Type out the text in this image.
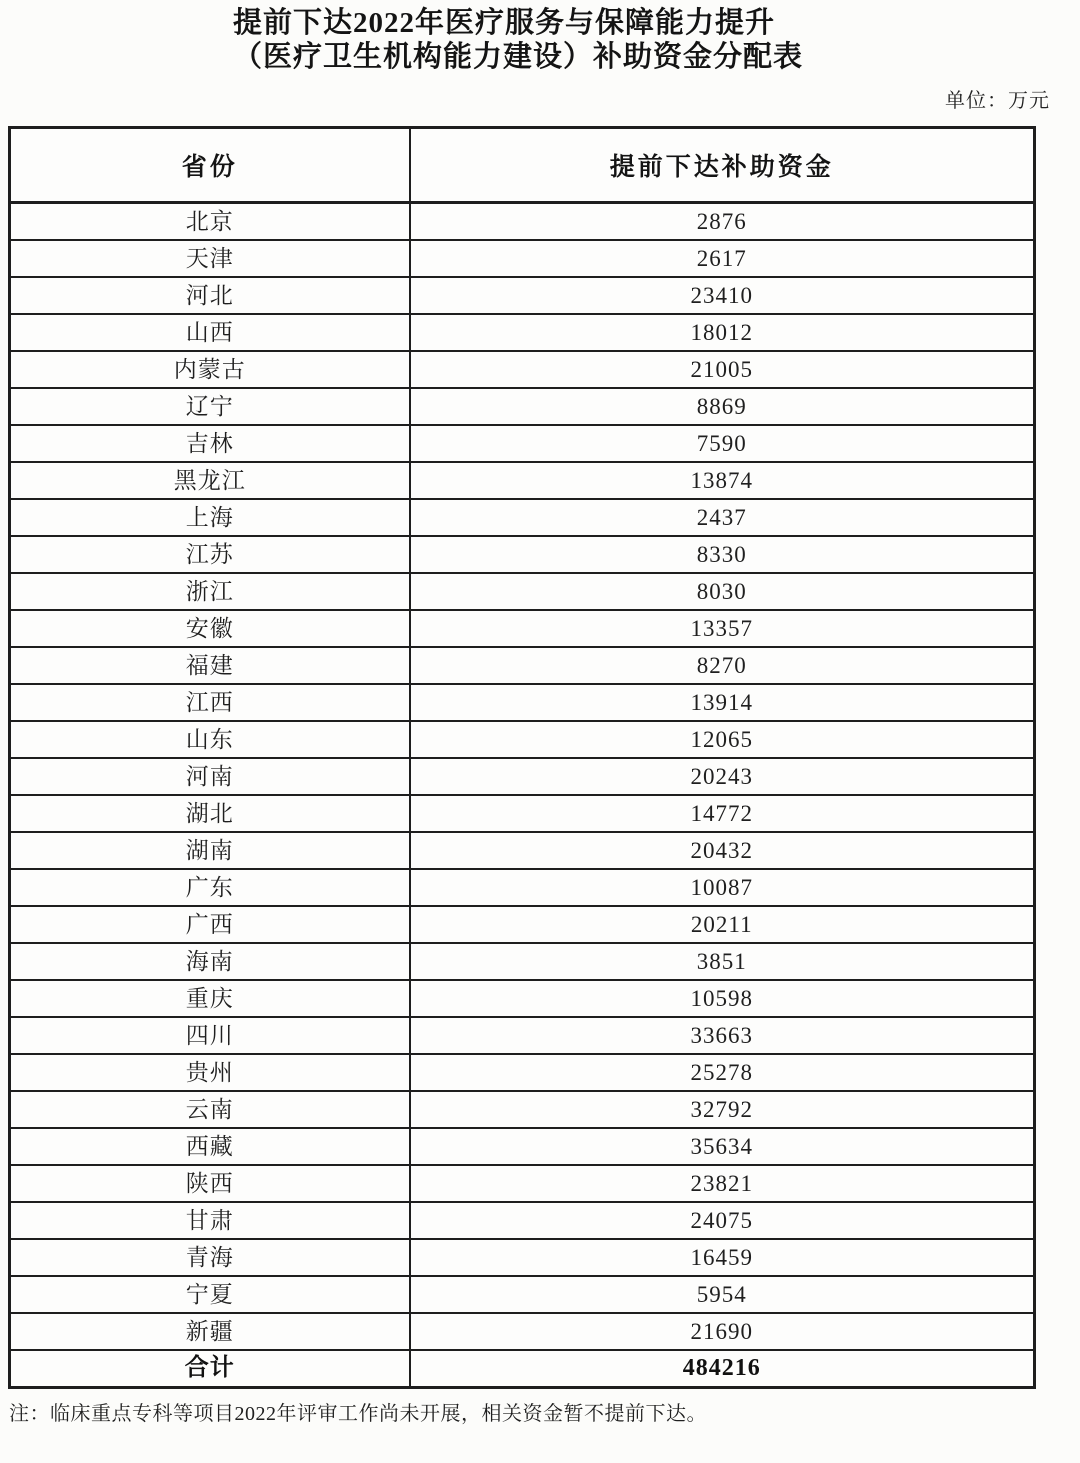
提前下达2022年医疗服务与保障能力提升
（医疗卫生机构能力建设）补助资金分配表
单位：万元
省份	提前下达补助资金
北京	2876
天津	2617
河北	23410
山西	18012
内蒙古	21005
辽宁	8869
吉林	7590
黑龙江	13874
上海	2437
江苏	8330
浙江	8030
安徽	13357
福建	8270
江西	13914
山东	12065
河南	20243
湖北	14772
湖南	20432
广东	10087
广西	20211
海南	3851
重庆	10598
四川	33663
贵州	25278
云南	32792
西藏	35634
陕西	23821
甘肃	24075
青海	16459
宁夏	5954
新疆	21690
合计	484216
注：临床重点专科等项目2022年评审工作尚未开展，相关资金暂不提前下达。
